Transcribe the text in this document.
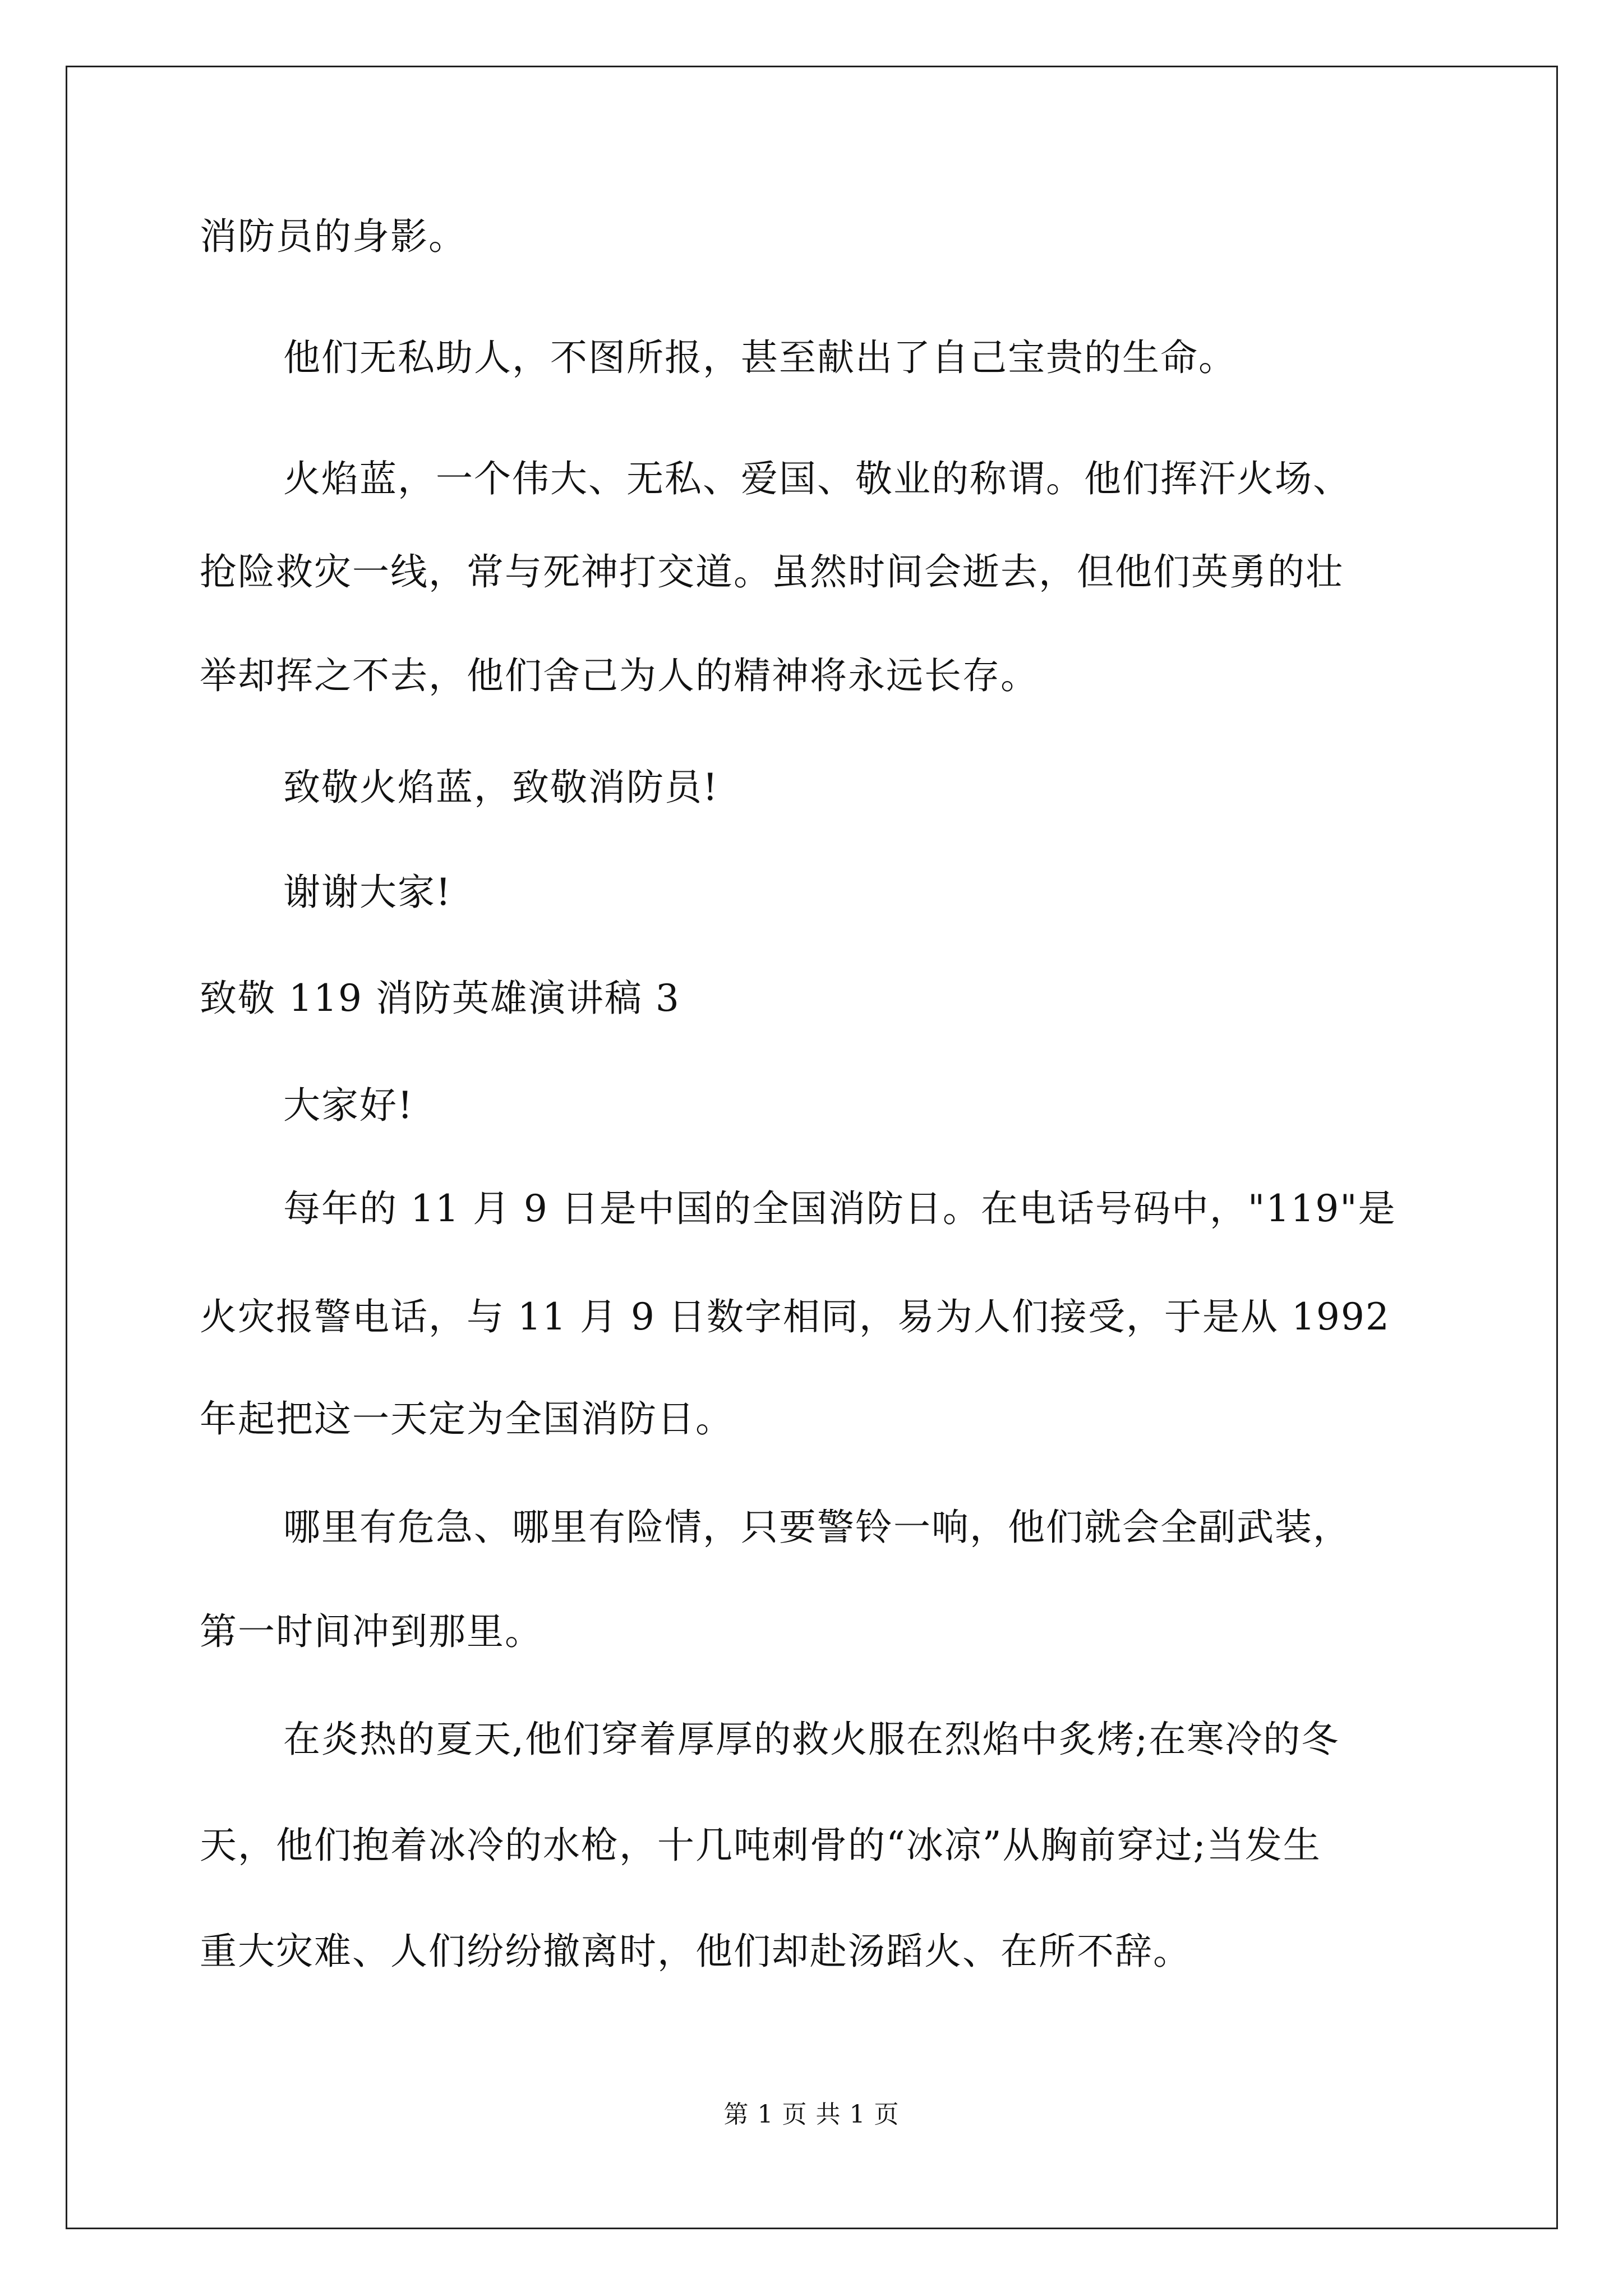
消防员的身影。
他们无私助人，不图所报，甚至献出了自己宝贵的生命。
火焰蓝，一个伟大、无私、爱国、敬业的称谓。他们挥汗火场、
抢险救灾一线，常与死神打交道。虽然时间会逝去，但他们英勇的壮
举却挥之不去，他们舍己为人的精神将永远长存。
致敬火焰蓝，致敬消防员!
谢谢大家!
致敬 119 消防英雄演讲稿 3
大家好!
每年的 11 月 9 日是中国的全国消防日。在电话号码中，"119"是
火灾报警电话，与 11 月 9 日数字相同，易为人们接受，于是从 1992
年起把这一天定为全国消防日。
哪里有危急、哪里有险情，只要警铃一响，他们就会全副武装，
第一时间冲到那里。
在炎热的夏天,他们穿着厚厚的救火服在烈焰中炙烤;在寒冷的冬
天，他们抱着冰冷的水枪，十几吨刺骨的“冰凉”从胸前穿过;当发生
重大灾难、人们纷纷撤离时，他们却赴汤蹈火、在所不辞。
第 1 页 共 1 页
